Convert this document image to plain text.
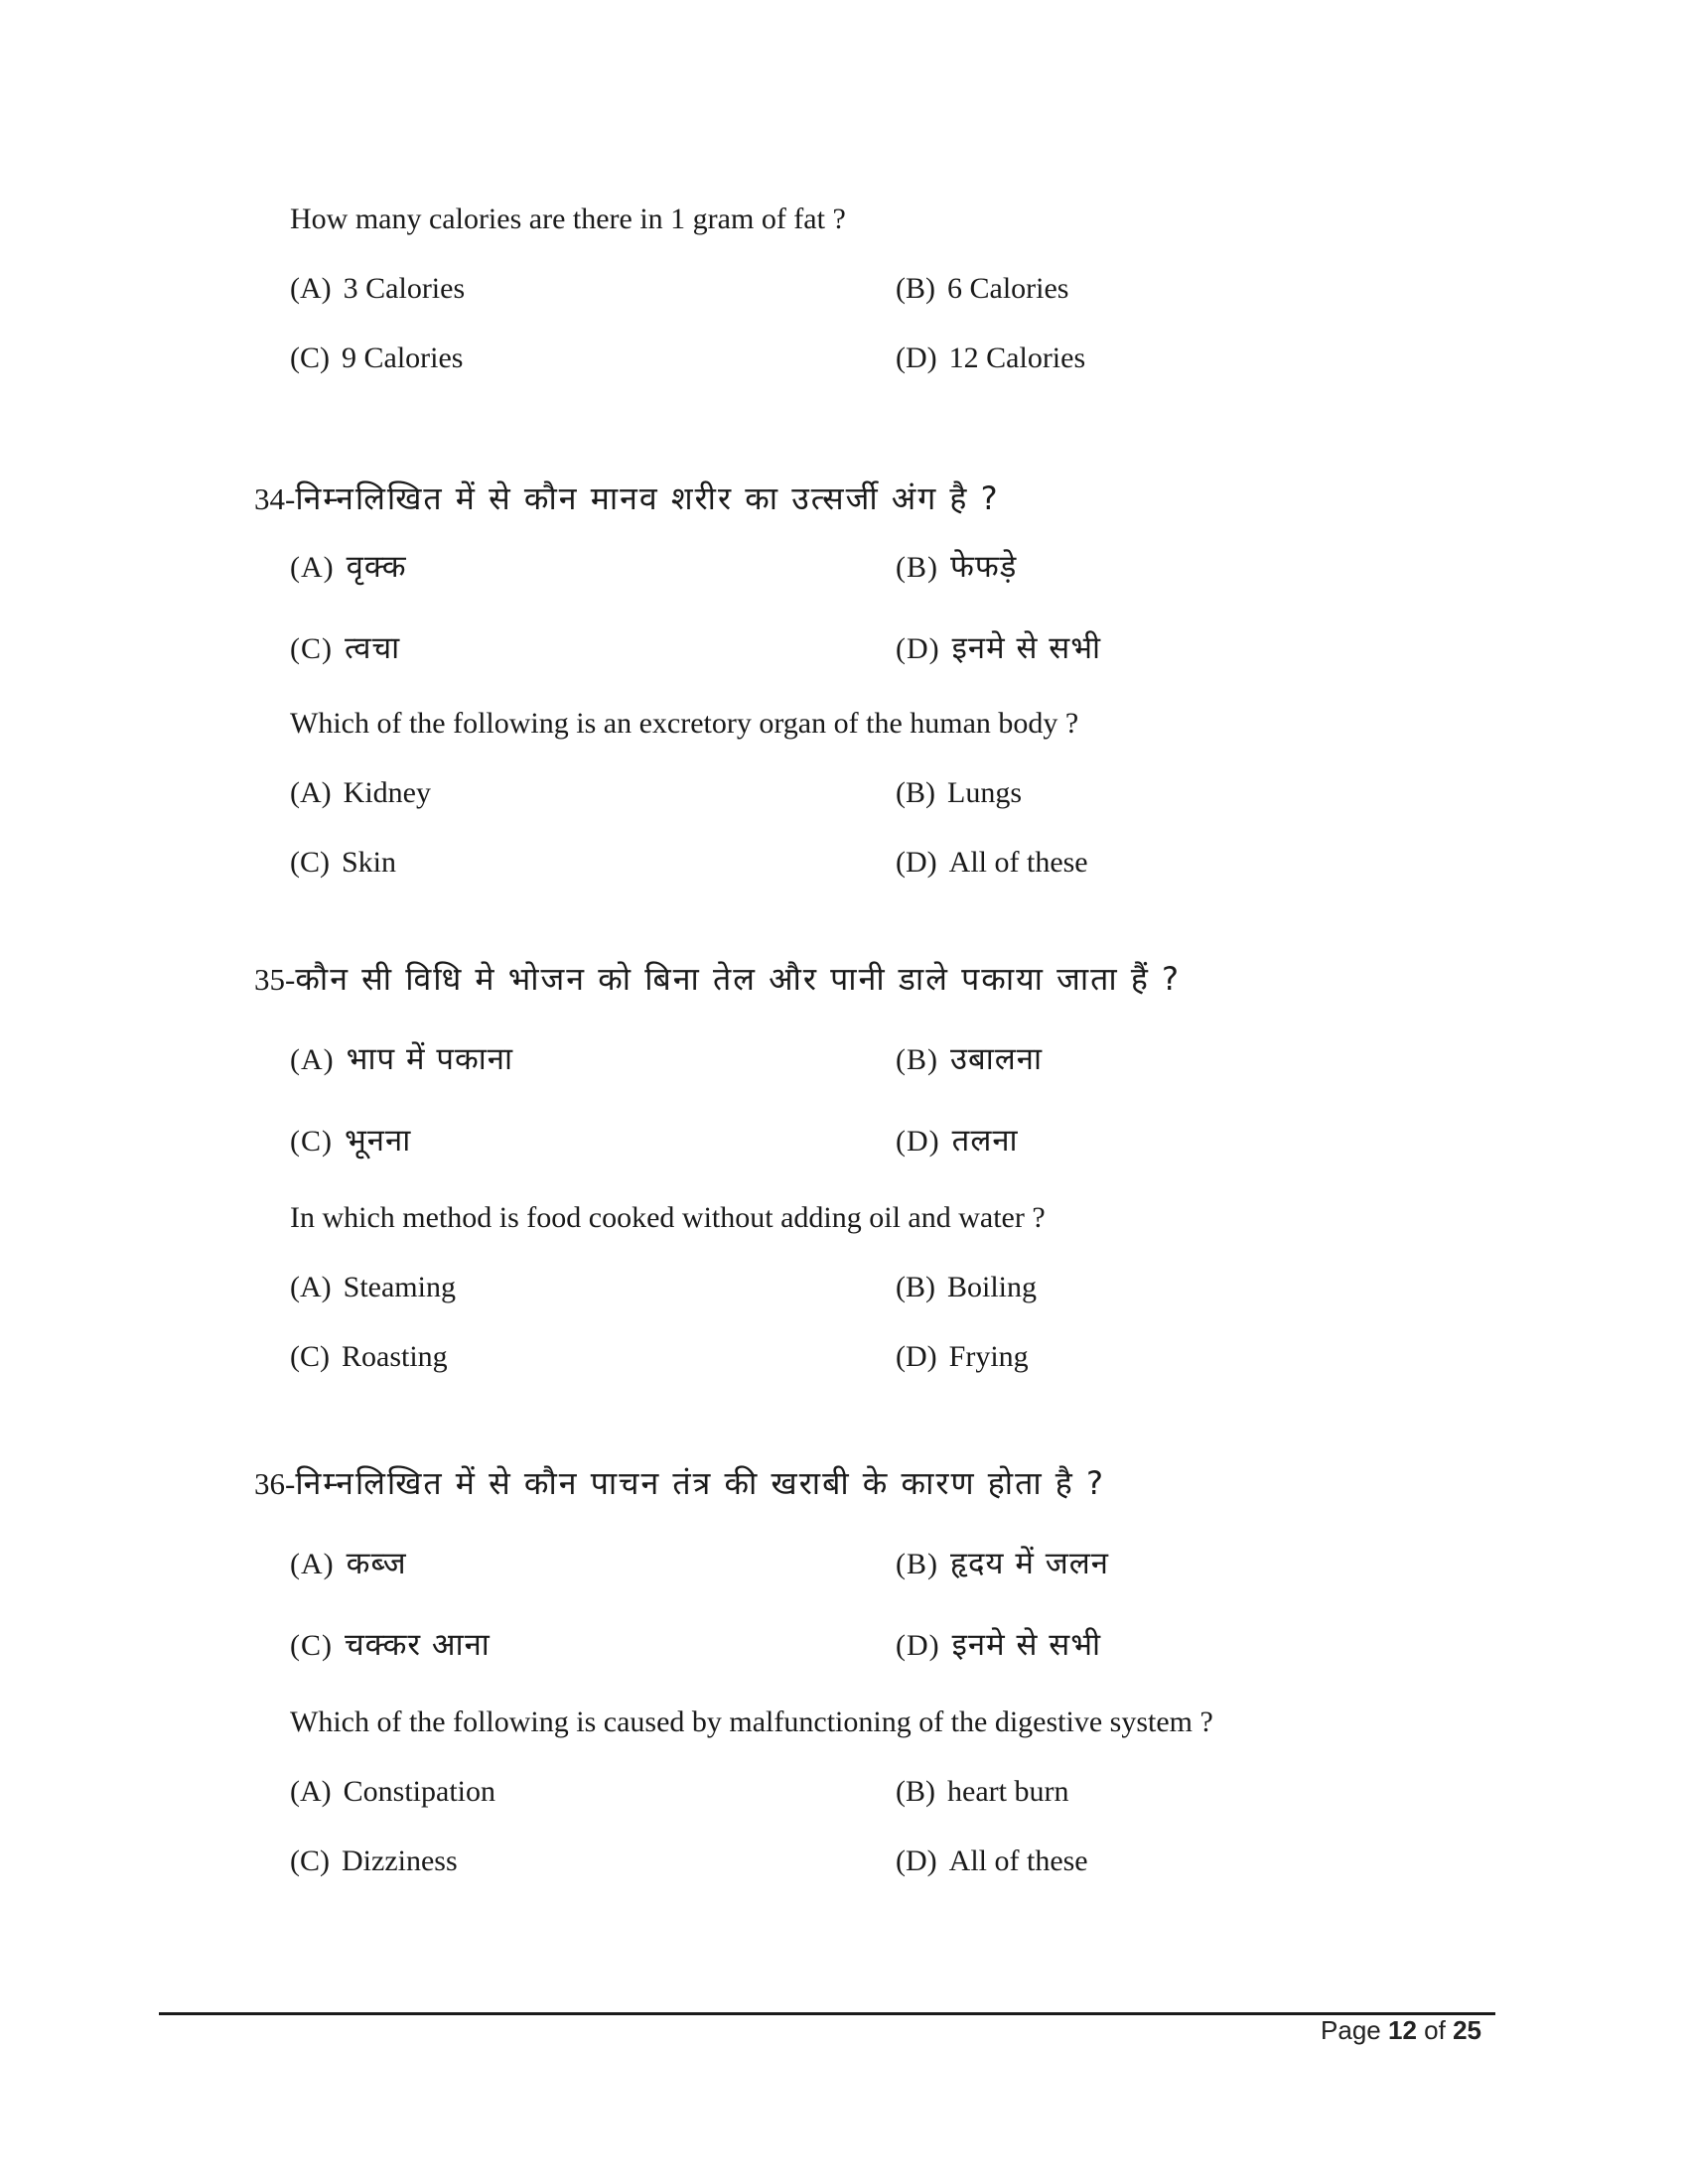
How many calories are there in 1 gram of fat ?
(A) 3 Calories	(B) 6 Calories
(C) 9 Calories	(D) 12 Calories
34-निम्नलिखित में से कौन मानव शरीर का उत्सर्जी अंग है ?
(A) वृक्क	(B) फेफड़े
(C) त्वचा	(D) इनमे से सभी
Which of the following is an excretory organ of the human body ?
(A) Kidney	(B) Lungs
(C) Skin	(D) All of these
35-कौन सी विधि मे भोजन को बिना तेल और पानी डाले पकाया जाता हैं ?
(A) भाप में पकाना	(B) उबालना
(C) भूनना	(D) तलना
In which method is food cooked without adding oil and water ?
(A) Steaming	(B) Boiling
(C) Roasting	(D) Frying
36-निम्नलिखित में से कौन पाचन तंत्र की खराबी के कारण होता है ?
(A) कब्ज	(B) हृदय में जलन
(C) चक्कर आना	(D) इनमे से सभी
Which of the following is caused by malfunctioning of the digestive system ?
(A) Constipation	(B) heart burn
(C) Dizziness	(D) All of these
Page 12 of 25
